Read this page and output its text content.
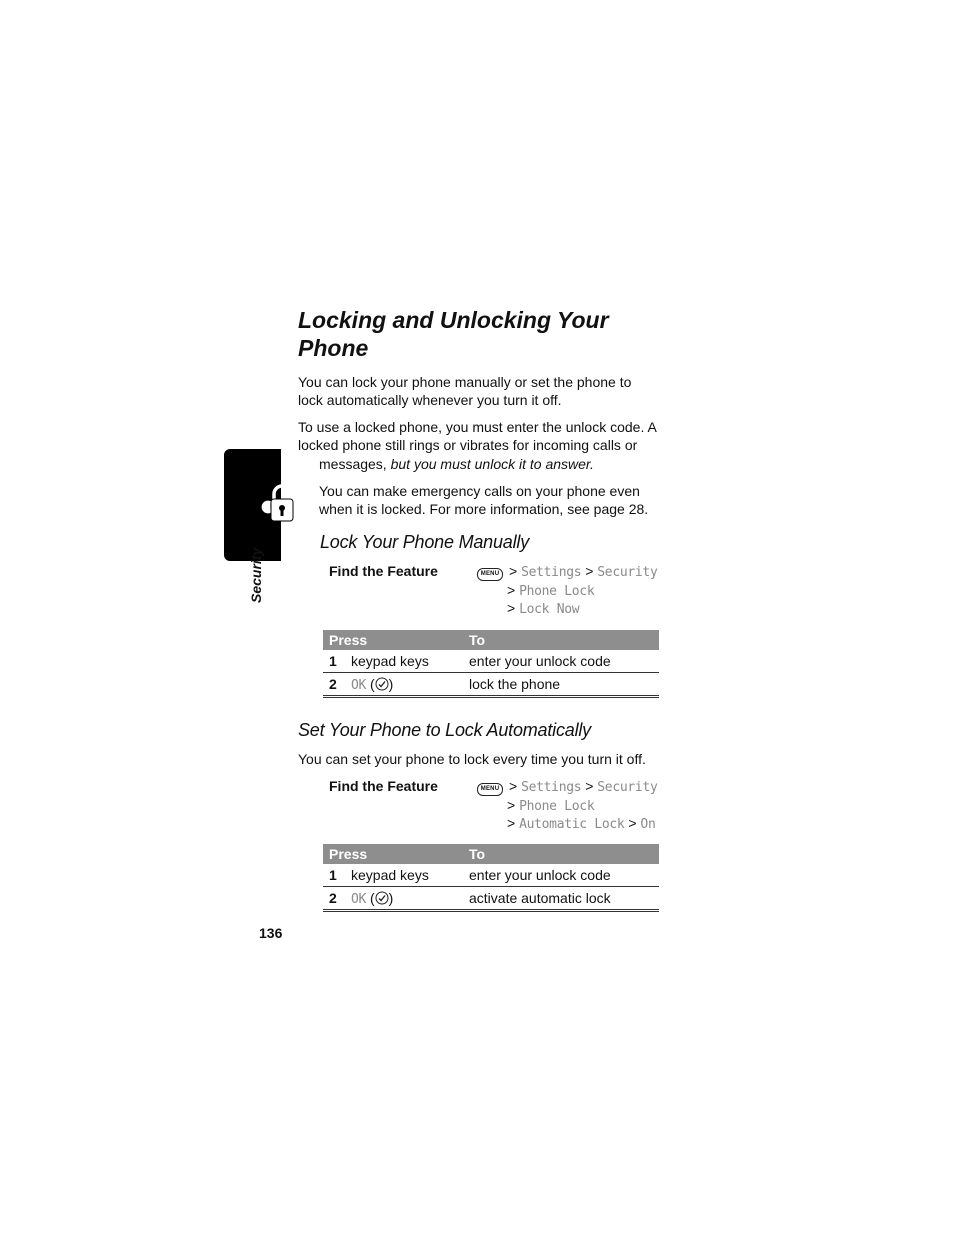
Security
Locking and Unlocking Your Phone

You can lock your phone manually or set the phone to lock automatically whenever you turn it off.

To use a locked phone, you must enter the unlock code. A locked phone still rings or vibrates for incoming calls or

messages, but you must unlock it to answer.

You can make emergency calls on your phone even when it is locked. For more information, see page 28.

Lock Your Phone Manually
Find the Feature	MENU > Settings > Security
> Phone Lock
> Lock Now
Press		To
1	keypad keys	enter your unlock code
2	OK ( )	lock the phone
Set Your Phone to Lock Automatically

You can set your phone to lock every time you turn it off.

Find the Feature	MENU > Settings > Security
> Phone Lock
> Automatic Lock > On
Press		To
1	keypad keys	enter your unlock code
2	OK ( )	activate automatic lock
136
